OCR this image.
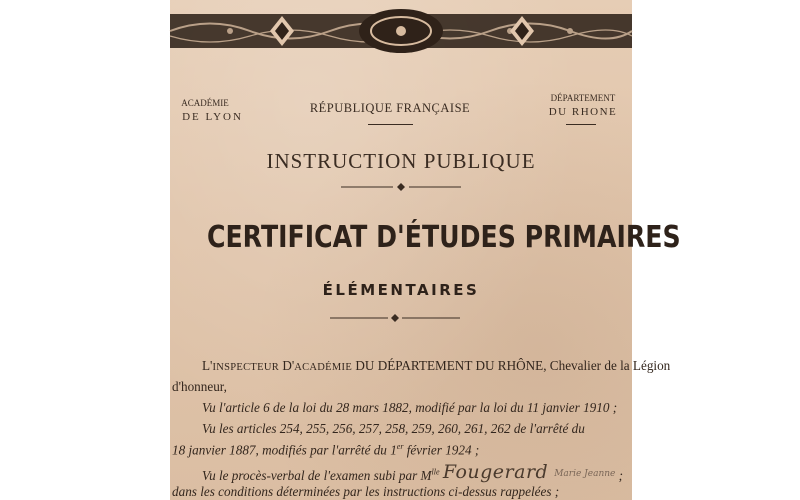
ACADÉMIE
DE LYON
RÉPUBLIQUE FRANÇAISE
DÉPARTEMENT
DU RHONE
INSTRUCTION PUBLIQUE
CERTIFICAT D'ÉTUDES PRIMAIRES
ÉLÉMENTAIRES
L'INSPECTEUR D'ACADÉMIE DU DÉPARTEMENT DU RHÔNE, Chevalier de la Légion
d'honneur,
Vu l'article 6 de la loi du 28 mars 1882, modifié par la loi du 11 janvier 1910 ;
Vu les articles 254, 255, 256, 257, 258, 259, 260, 261, 262 de l'arrêté du
18 janvier 1887, modifiés par l'arrêté du 1er février 1924 ;
Vu le procès-verbal de l'examen subi par $M^{lle}$ Fougerard Marie Jeanne ;
dans les conditions déterminées par les instructions ci-dessus rappelées ;
